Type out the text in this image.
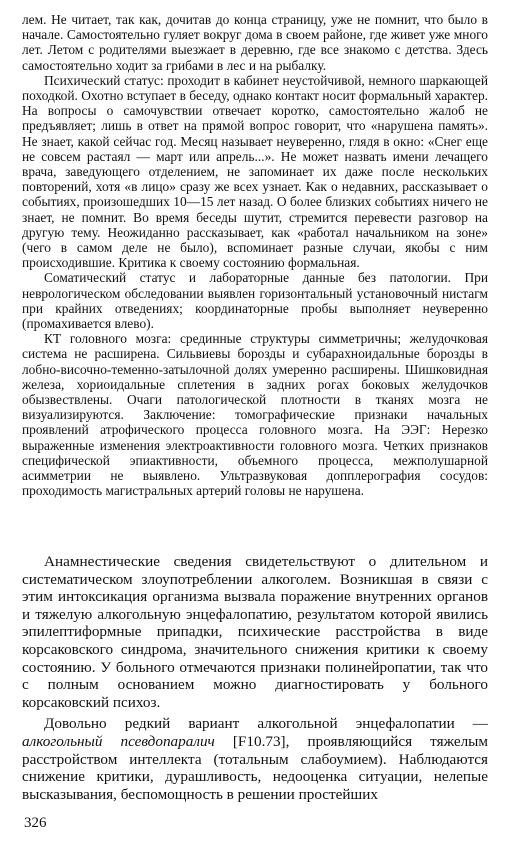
лем. Не читает, так как, дочитав до конца страницу, уже не помнит, что было в начале. Самостоятельно гуляет вокруг дома в своем районе, где живет уже много лет. Летом с родителями выезжает в деревню, где все знакомо с детства. Здесь самостоятельно ходит за грибами в лес и на рыбалку.

Психический статус: проходит в кабинет неустойчивой, немного шаркающей походкой. Охотно вступает в беседу, однако контакт носит формальный характер. На вопросы о самочувствии отвечает коротко, самостоятельно жалоб не предъявляет; лишь в ответ на прямой вопрос говорит, что «нарушена память». Не знает, какой сейчас год. Месяц называет неуверенно, глядя в окно: «Снег еще не совсем растаял — март или апрель...». Не может назвать имени лечащего врача, заведующего отделением, не запоминает их даже после нескольких повторений, хотя «в лицо» сразу же всех узнает. Как о недавних, рассказывает о событиях, произошедших 10—15 лет назад. О более близких событиях ничего не знает, не помнит. Во время беседы шутит, стремится перевести разговор на другую тему. Неожиданно рассказывает, как «работал начальником на зоне» (чего в самом деле не было), вспоминает разные случаи, якобы с ним происходившие. Критика к своему состоянию формальная.

Соматический статус и лабораторные данные без патологии. При неврологическом обследовании выявлен горизонтальный установочный нистагм при крайних отведениях; координаторные пробы выполняет неуверенно (промахивается влево).

КТ головного мозга: срединные структуры симметричны; желудочковая система не расширена. Сильвиевы борозды и субарахноидальные борозды в лобно-височно-теменно-затылочной долях умеренно расширены. Шишковидная железа, хориоидальные сплетения в задних рогах боковых желудочков обызвествлены. Очаги патологической плотности в тканях мозга не визуализируются. Заключение: томографические признаки начальных проявлений атрофического процесса головного мозга. На ЭЭГ: Нерезко выраженные изменения электроактивности головного мозга. Четких признаков специфической эпиактивности, объемного процесса, межполушарной асимметрии не выявлено. Ультразвуковая допплерография сосудов: проходимость магистральных артерий головы не нарушена.

Анамнестические сведения свидетельствуют о длительном и систематическом злоупотреблении алкоголем. Возникшая в связи с этим интоксикация организма вызвала поражение внутренних органов и тяжелую алкогольную энцефалопатию, результатом которой явились эпилептиформные припадки, психические расстройства в виде корсаковского синдрома, значительного снижения критики к своему состоянию. У больного отмечаются признаки полинейропатии, так что с полным основанием можно диагностировать у больного корсаковский психоз.

Довольно редкий вариант алкогольной энцефалопатии — алкогольный псевдопаралич [F10.73], проявляющийся тяжелым расстройством интеллекта (тотальным слабоумием). Наблюдаются снижение критики, дурашливость, недооценка ситуации, нелепые высказывания, беспомощность в решении простейших

326
